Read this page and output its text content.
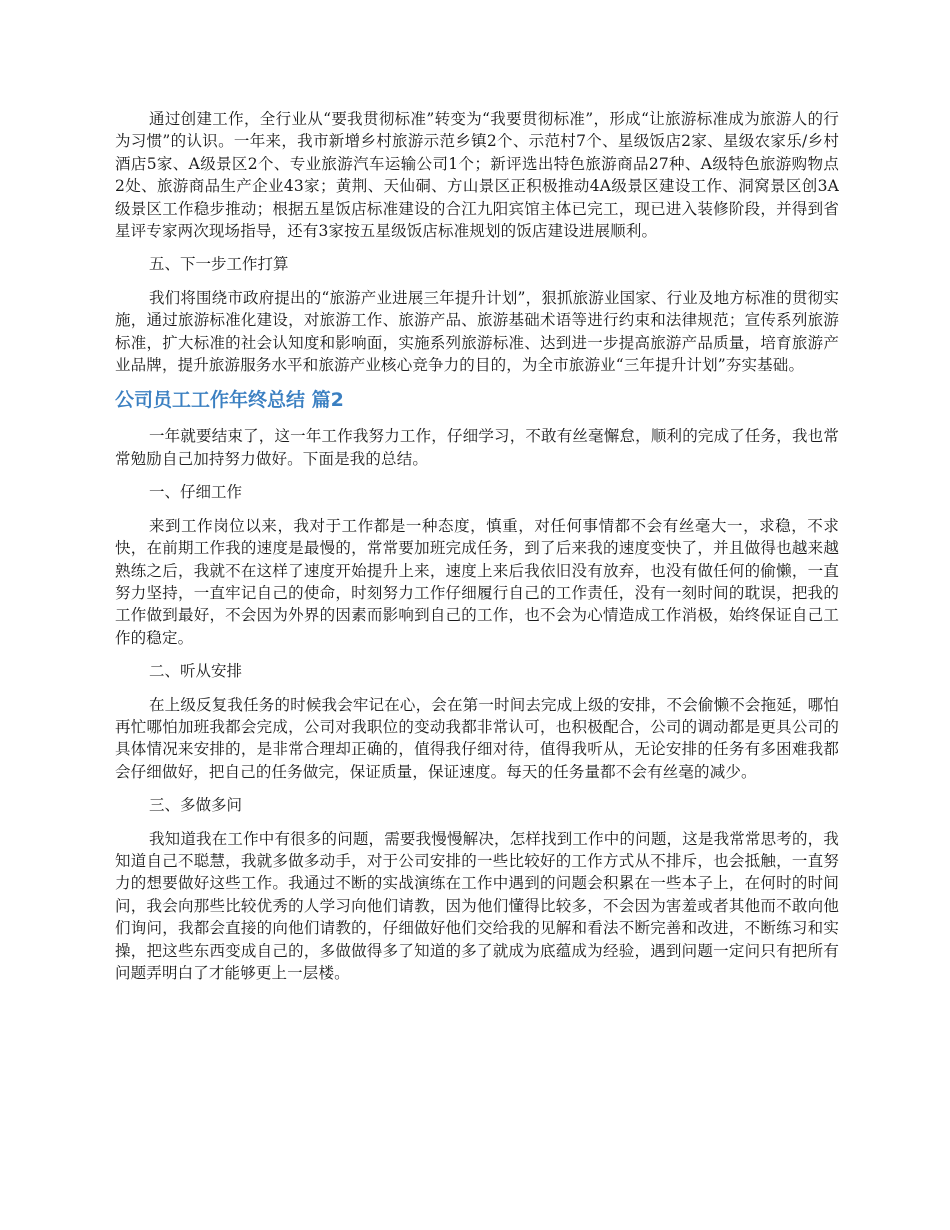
通过创建工作，全行业从“要我贯彻标准”转变为“我要贯彻标准”，形成“让旅游标准成为旅游人的行为习惯”的认识。一年来，我市新增乡村旅游示范乡镇2个、示范村7个、星级饭店2家、星级农家乐/乡村酒店5家、A级景区2个、专业旅游汽车运输公司1个；新评选出特色旅游商品27种、A级特色旅游购物点2处、旅游商品生产企业43家；黄荆、天仙硐、方山景区正积极推动4A级景区建设工作、洞窝景区创3A级景区工作稳步推动；根据五星饭店标准建设的合江九阳宾馆主体已完工，现已进入装修阶段，并得到省星评专家两次现场指导，还有3家按五星级饭店标准规划的饭店建设进展顺利。

五、下一步工作打算

我们将围绕市政府提出的“旅游产业进展三年提升计划”，狠抓旅游业国家、行业及地方标准的贯彻实施，通过旅游标准化建设，对旅游工作、旅游产品、旅游基础术语等进行约束和法律规范；宣传系列旅游标准，扩大标准的社会认知度和影响面，实施系列旅游标准、达到进一步提高旅游产品质量，培育旅游产业品牌，提升旅游服务水平和旅游产业核心竞争力的目的，为全市旅游业“三年提升计划”夯实基础。

公司员工工作年终总结 篇2

一年就要结束了，这一年工作我努力工作，仔细学习，不敢有丝毫懈怠，顺利的完成了任务，我也常常勉励自己加持努力做好。下面是我的总结。

一、仔细工作

来到工作岗位以来，我对于工作都是一种态度，慎重，对任何事情都不会有丝毫大一，求稳，不求快，在前期工作我的速度是最慢的，常常要加班完成任务，到了后来我的速度变快了，并且做得也越来越熟练之后，我就不在这样了速度开始提升上来，速度上来后我依旧没有放弃，也没有做任何的偷懒，一直努力坚持，一直牢记自己的使命，时刻努力工作仔细履行自己的工作责任，没有一刻时间的耽误，把我的工作做到最好，不会因为外界的因素而影响到自己的工作，也不会为心情造成工作消极，始终保证自己工作的稳定。

二、听从安排

在上级反复我任务的时候我会牢记在心，会在第一时间去完成上级的安排，不会偷懒不会拖延，哪怕再忙哪怕加班我都会完成，公司对我职位的变动我都非常认可，也积极配合，公司的调动都是更具公司的具体情况来安排的，是非常合理却正确的，值得我仔细对待，值得我听从，无论安排的任务有多困难我都会仔细做好，把自己的任务做完，保证质量，保证速度。每天的任务量都不会有丝毫的减少。

三、多做多问

我知道我在工作中有很多的问题，需要我慢慢解决，怎样找到工作中的问题，这是我常常思考的，我知道自己不聪慧，我就多做多动手，对于公司安排的一些比较好的工作方式从不排斥，也会抵触，一直努力的想要做好这些工作。我通过不断的实战演练在工作中遇到的问题会积累在一些本子上，在何时的时间问，我会向那些比较优秀的人学习向他们请教，因为他们懂得比较多，不会因为害羞或者其他而不敢向他们询问，我都会直接的向他们请教的，仔细做好他们交给我的见解和看法不断完善和改进，不断练习和实操，把这些东西变成自己的，多做做得多了知道的多了就成为底蕴成为经验，遇到问题一定问只有把所有问题弄明白了才能够更上一层楼。
